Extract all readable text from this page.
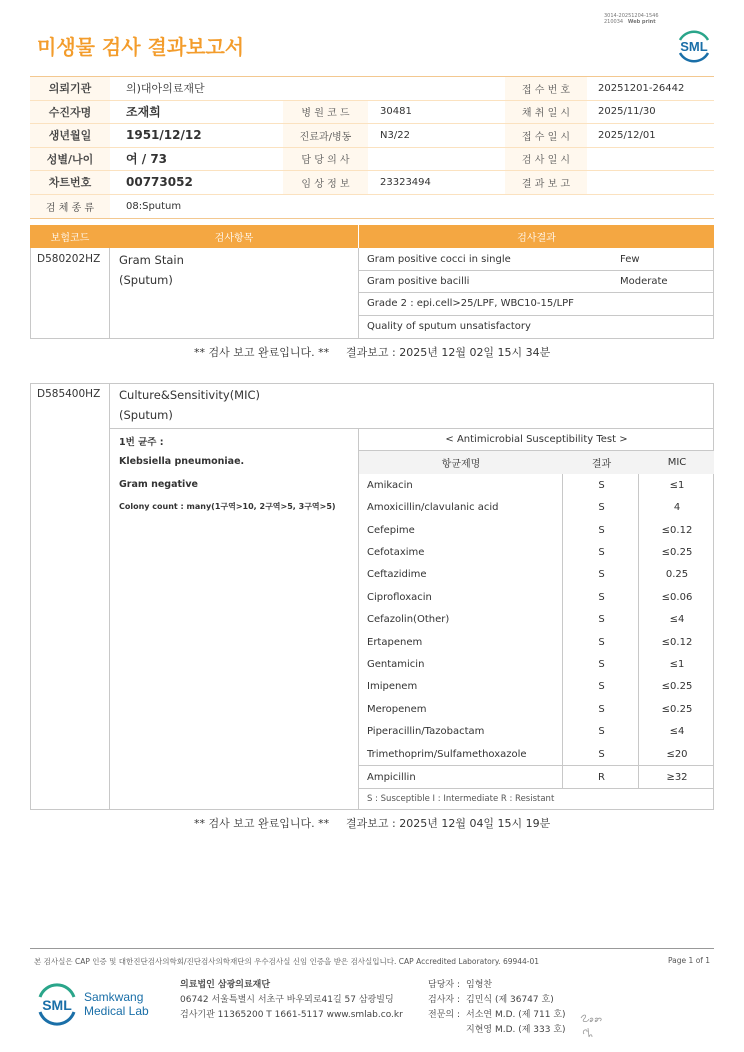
3014-20251204-1546
210034 Web print
미생물 검사 결과보고서	SML
의뢰기관	의)대아의료재단	접 수 번 호	20251201-26442
수진자명	조재희	병 원 코 드	30481	채 취 일 시	2025/11/30
생년월일	1951/12/12	진료과/병동	N3/22	접 수 일 시	2025/12/01
성별/나이	여 / 73	담 당 의 사	검 사 일 시
차트번호	00773052	임 상 정 보	23323494	결 과 보 고
검 체 종 류	08:Sputum
보험코드	검사항목	검사결과
D580202HZ Gram Stain
(Sputum)
Gram positive cocci in single	Few
Gram positive bacilli	Moderate
Grade 2 : epi.cell>25/LPF, WBC10-15/LPF
Quality of sputum unsatisfactory
** 검사 보고 완료입니다. ** 결과보고 : 2025년 12월 02일 15시 34분
D585400HZ Culture&Sensitivity(MIC)
(Sputum)
1번 균주 :
Klebsiella pneumoniae.
Gram negative
Colony count : many(1구역>10, 2구역>5, 3구역>5)
< Antimicrobial Susceptibility Test >
항균제명	결과	MIC
Amikacin	S	≤1
Amoxicillin/clavulanic acid	S	4
Cefepime	S	≤0.12
Cefotaxime	S	≤0.25
Ceftazidime	S	0.25
Ciprofloxacin	S	≤0.06
Cefazolin(Other)	S	≤4
Ertapenem	S	≤0.12
Gentamicin	S	≤1
Imipenem	S	≤0.25
Meropenem	S	≤0.25
Piperacillin/Tazobactam	S	≤4
Trimethoprim/Sulfamethoxazole	S	≤20
Ampicillin	R	≥32
S : Susceptible I : Intermediate R : Resistant
** 검사 보고 완료입니다. ** 결과보고 : 2025년 12월 04일 15시 19분
본 검사실은 CAP 인증 및 대한진단검사의학회/진단검사의학재단의 우수검사실 신임 인증을 받은 검사실입니다. CAP Accredited Laboratory. 69944-01	Page 1 of 1
SML Samkwang
Medical Lab
의료법인 삼광의료재단
06742 서울특별시 서초구 바우뫼로41길 57 삼광빌딩
검사기관 11365200 T 1661-5117 www.smlab.co.kr
담당자 : 임형찬
검사자 : 김민식 (제 36747 호)
전문의 : 서소연 M.D. (제 711 호)
지현영 M.D. (제 333 호)
